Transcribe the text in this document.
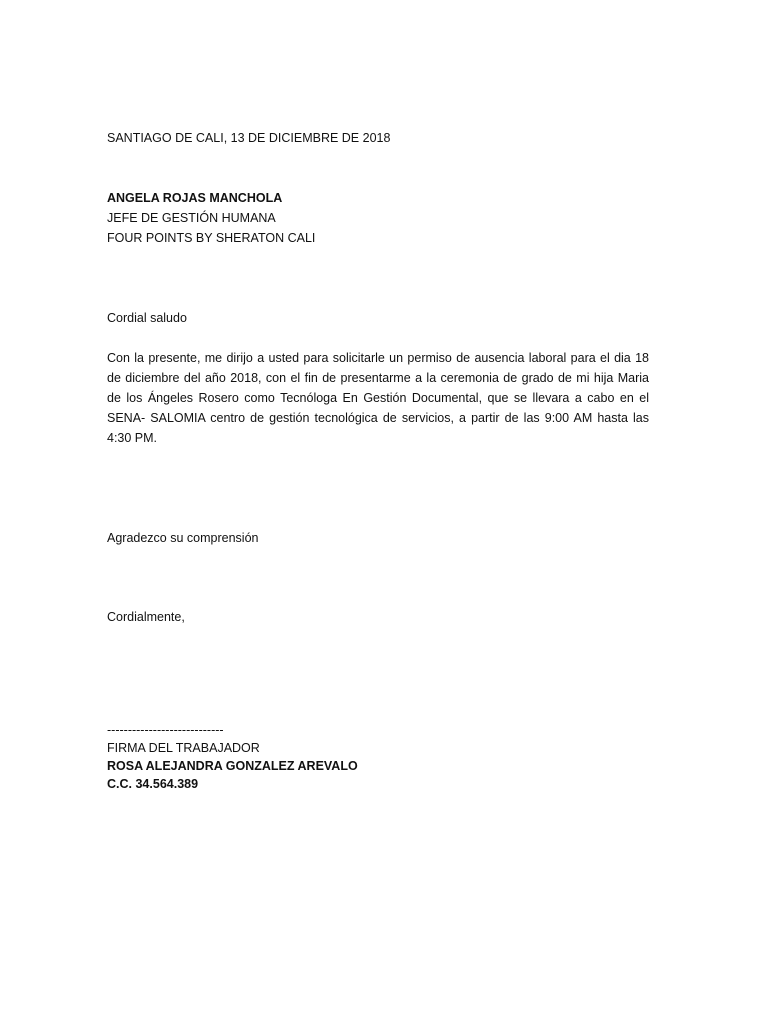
SANTIAGO DE CALI, 13 DE DICIEMBRE DE 2018
ANGELA ROJAS MANCHOLA
JEFE DE GESTIÓN HUMANA
FOUR POINTS BY SHERATON CALI
Cordial saludo
Con la presente, me dirijo a usted para solicitarle un permiso de ausencia laboral para el dia 18
de diciembre del año 2018, con el fin de presentarme a la ceremonia de grado de mi hija Maria
de los Ángeles Rosero como Tecnóloga En Gestión Documental, que se llevara a cabo en el
SENA- SALOMIA centro de gestión tecnológica de servicios, a partir de las 9:00 AM hasta las
4:30 PM.
Agradezco su comprensión
Cordialmente,
----------------------------
FIRMA DEL TRABAJADOR
ROSA ALEJANDRA GONZALEZ AREVALO
C.C. 34.564.389
